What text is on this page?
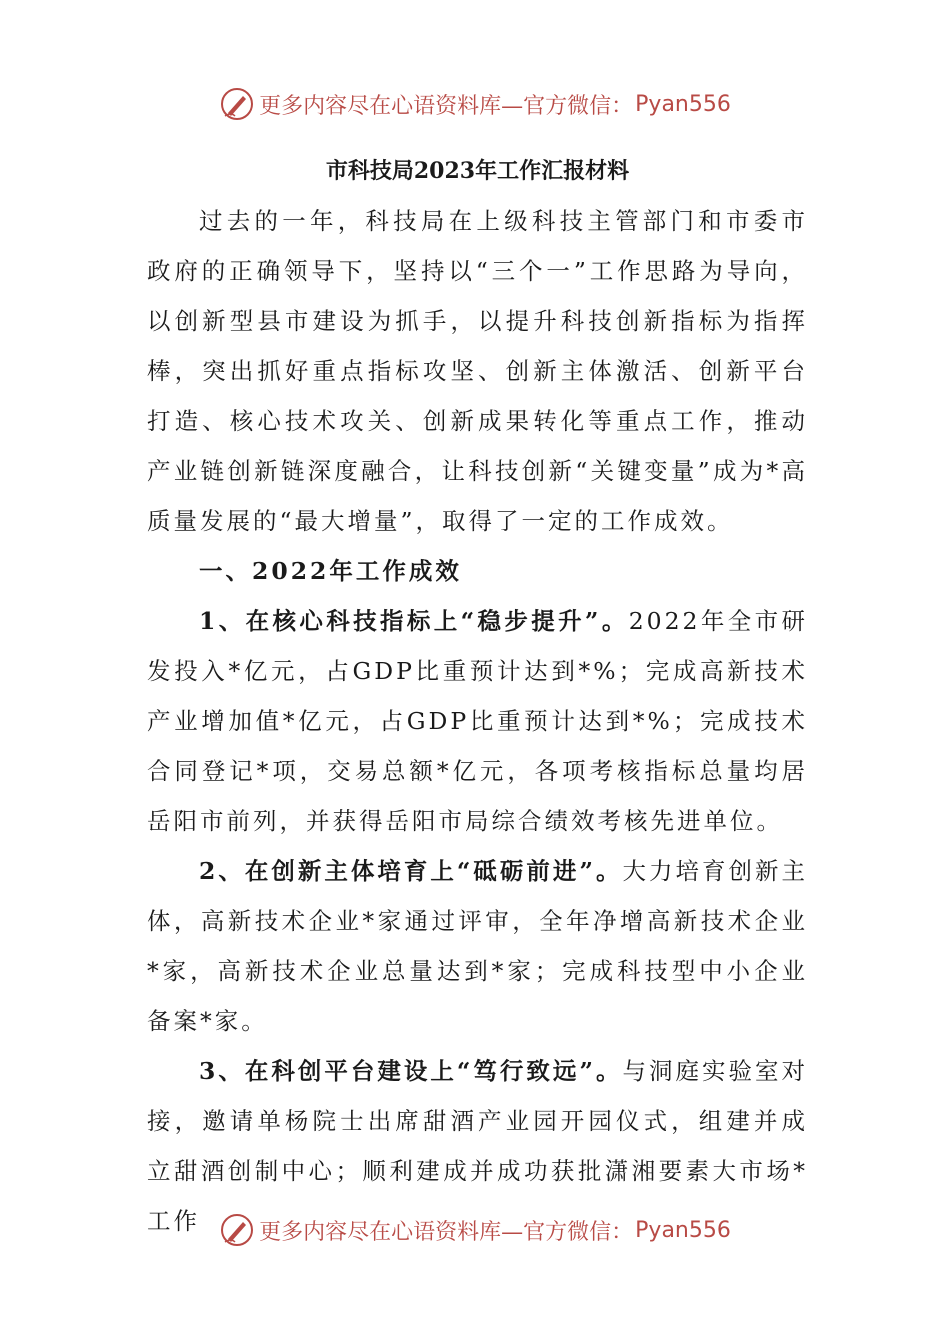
更多内容尽在心语资料库—官方微信： Pyan556

市科技局2023年工作汇报材料

过去的一年，科技局在上级科技主管部门和市委市政府的正确领导下，坚持以“三个一”工作思路为导向，以创新型县市建设为抓手，以提升科技创新指标为指挥棒，突出抓好重点指标攻坚、创新主体激活、创新平台打造、核心技术攻关、创新成果转化等重点工作，推动产业链创新链深度融合，让科技创新“关键变量”成为*高质量发展的“最大增量”，取得了一定的工作成效。

一、2022年工作成效

1、在核心科技指标上“稳步提升”。2022年全市研发投入*亿元，占GDP比重预计达到*%；完成高新技术产业增加值*亿元，占GDP比重预计达到*%；完成技术合同登记*项，交易总额*亿元，各项考核指标总量均居岳阳市前列，并获得岳阳市局综合绩效考核先进单位。

2、在创新主体培育上“砥砺前进”。大力培育创新主体，高新技术企业*家通过评审，全年净增高新技术企业*家，高新技术企业总量达到*家；完成科技型中小企业备案*家。

3、在科创平台建设上“笃行致远”。与洞庭实验室对接，邀请单杨院士出席甜酒产业园开园仪式，组建并成立甜酒创制中心；顺利建成并成功获批潇湘要素大市场*工作	更多内容尽在心语资料库—官方微信： Pyan556
